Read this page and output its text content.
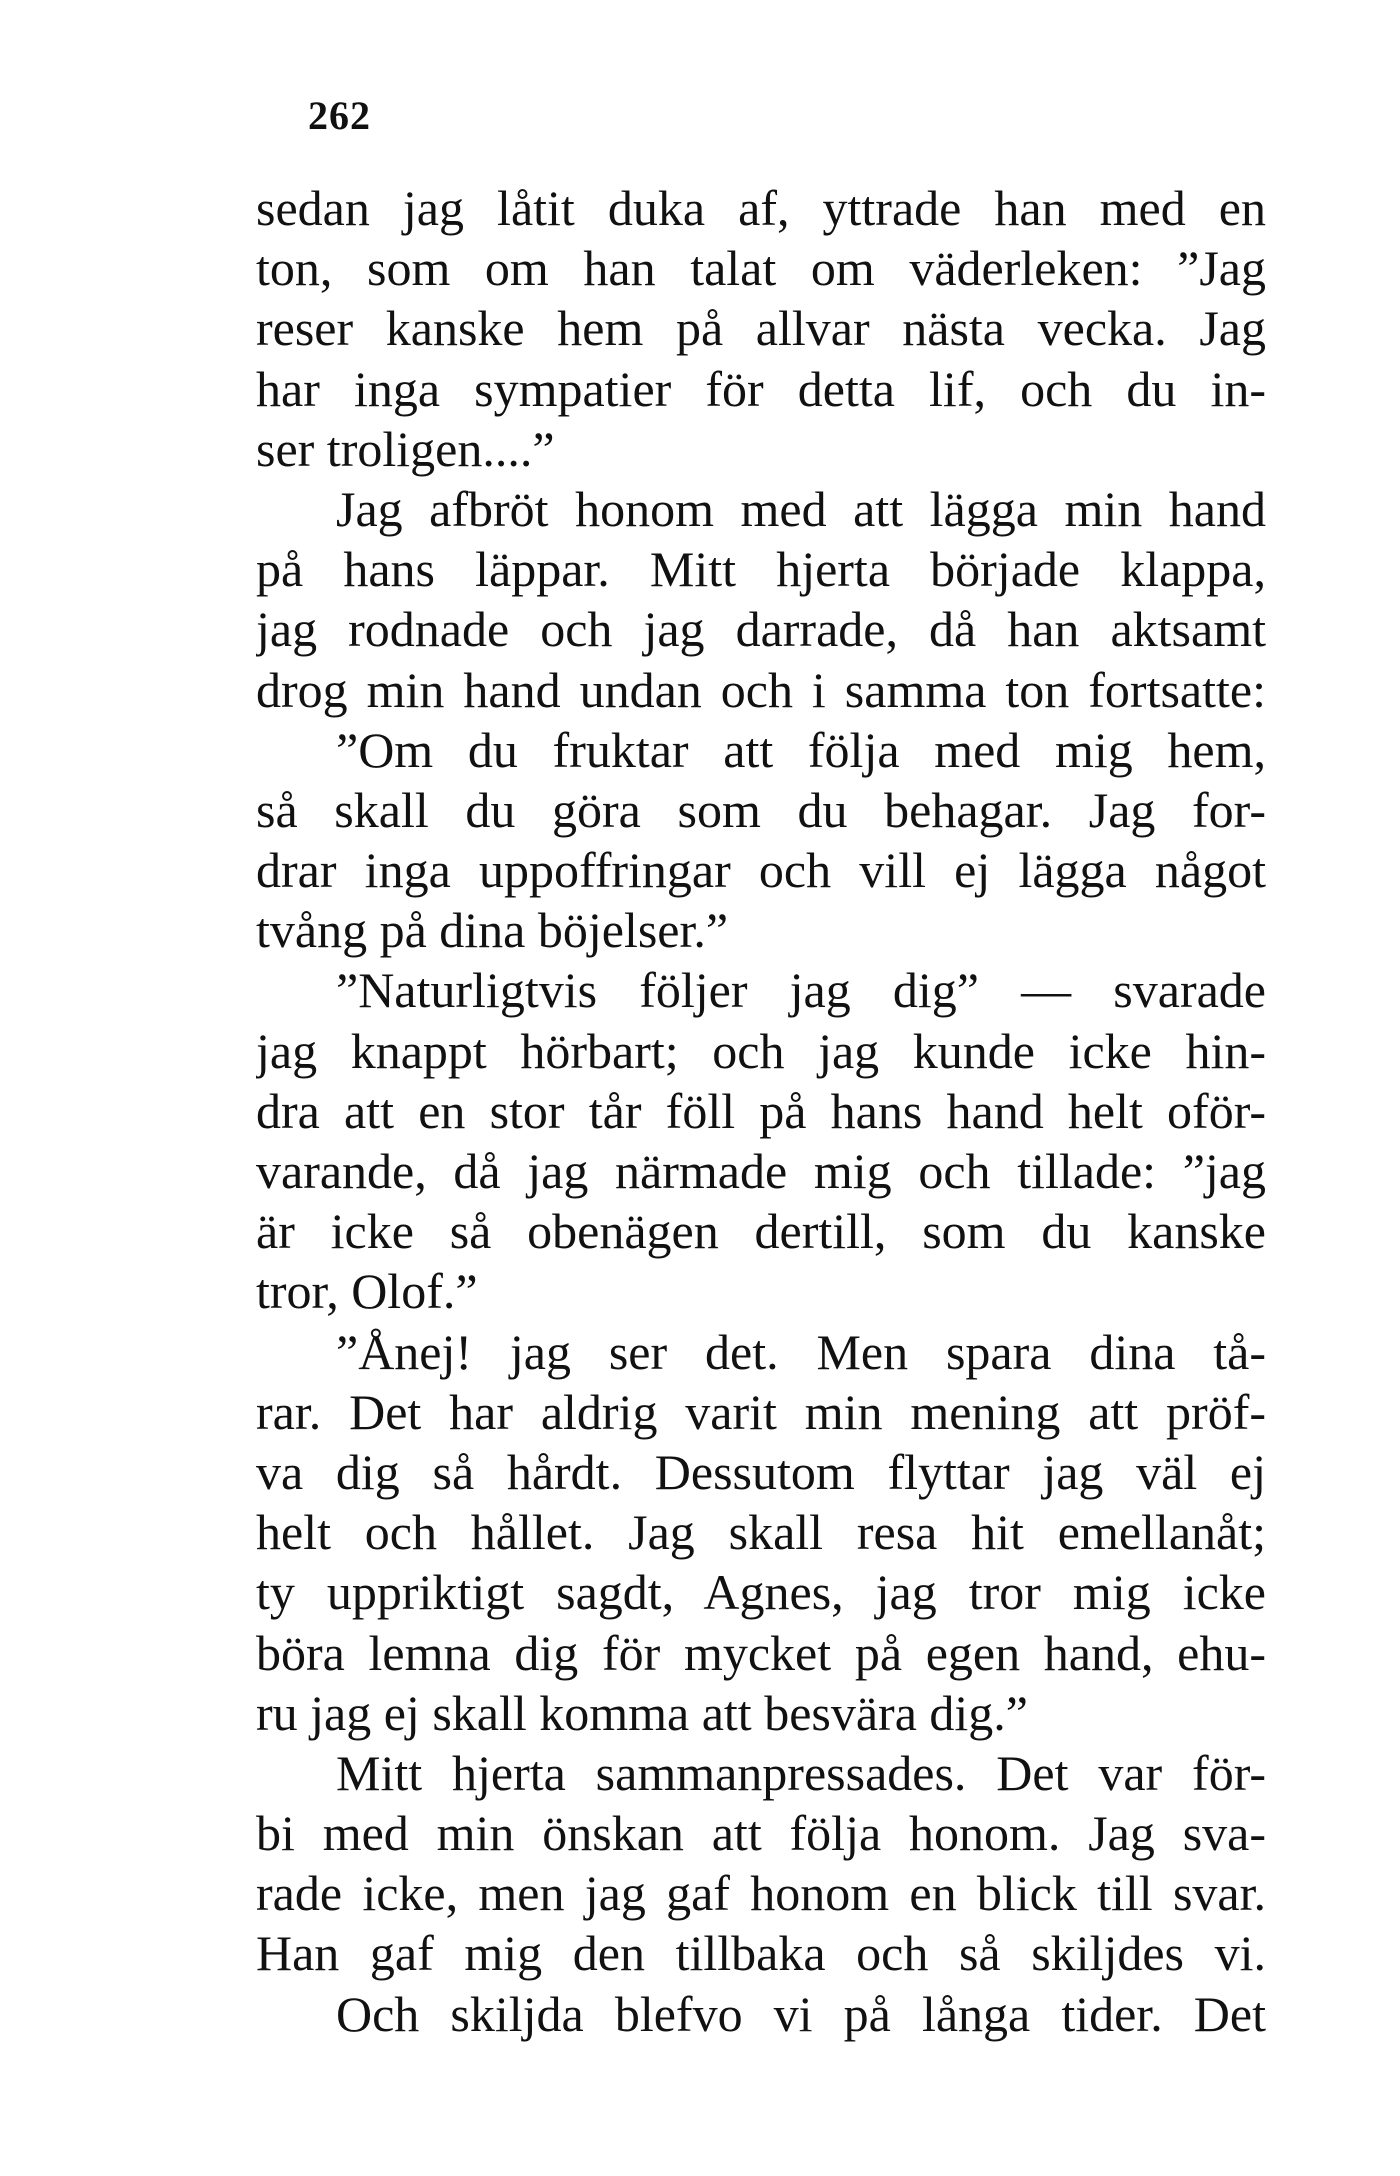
262
sedan jag låtit duka af, yttrade han med en
ton, som om han talat om väderleken: ”Jag
reser kanske hem på allvar nästa vecka. Jag
har inga sympatier för detta lif, och du in-
ser troligen....”
Jag afbröt honom med att lägga min hand
på hans läppar. Mitt hjerta började klappa,
jag rodnade och jag darrade, då han aktsamt
drog min hand undan och i samma ton fortsatte:
”Om du fruktar att följa med mig hem,
så skall du göra som du behagar. Jag for-
drar inga uppoffringar och vill ej lägga något
tvång på dina böjelser.”
”Naturligtvis följer jag dig” — svarade
jag knappt hörbart; och jag kunde icke hin-
dra att en stor tår föll på hans hand helt oför-
varande, då jag närmade mig och tillade: ”jag
är icke så obenägen dertill, som du kanske
tror, Olof.”
”Ånej! jag ser det. Men spara dina tå-
rar. Det har aldrig varit min mening att pröf-
va dig så hårdt. Dessutom flyttar jag väl ej
helt och hållet. Jag skall resa hit emellanåt;
ty uppriktigt sagdt, Agnes, jag tror mig icke
böra lemna dig för mycket på egen hand, ehu-
ru jag ej skall komma att besvära dig.”
Mitt hjerta sammanpressades. Det var för-
bi med min önskan att följa honom. Jag sva-
rade icke, men jag gaf honom en blick till svar.
Han gaf mig den tillbaka och så skiljdes vi.
Och skiljda blefvo vi på långa tider. Det
